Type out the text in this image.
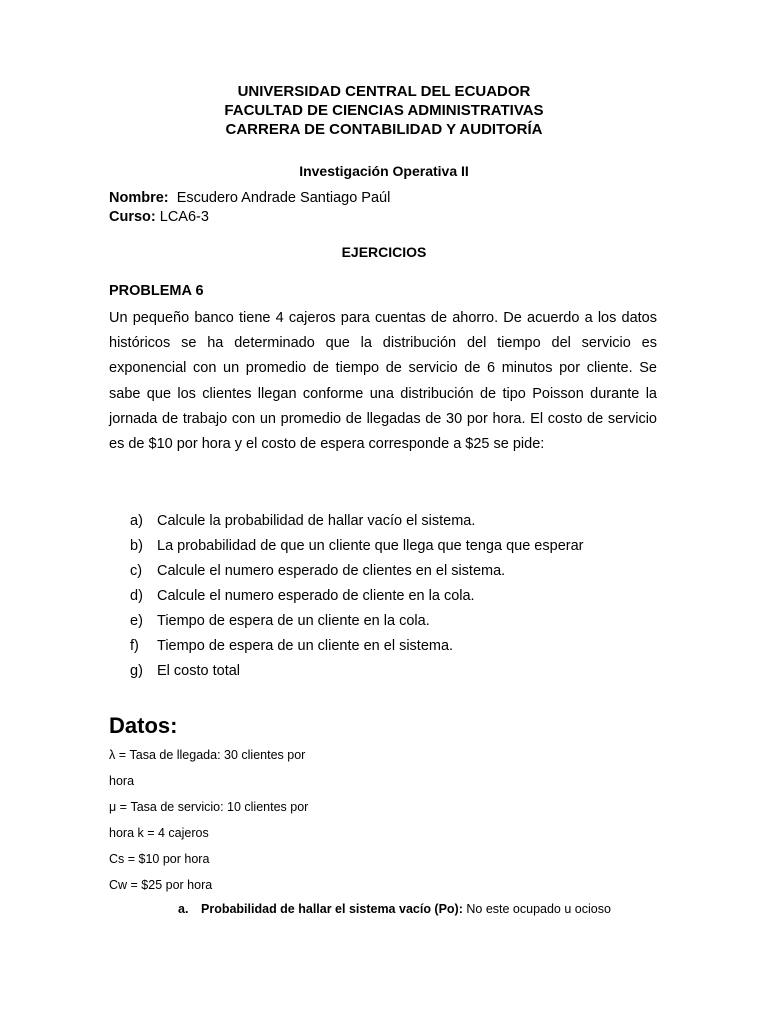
UNIVERSIDAD CENTRAL DEL ECUADOR
FACULTAD DE CIENCIAS ADMINISTRATIVAS
CARRERA DE CONTABILIDAD Y AUDITORÍA
Investigación Operativa II
Nombre: Escudero Andrade Santiago Paúl
Curso: LCA6-3
EJERCICIOS
PROBLEMA 6
Un pequeño banco tiene 4 cajeros para cuentas de ahorro. De acuerdo a los datos históricos se ha determinado que la distribución del tiempo del servicio es exponencial con un promedio de tiempo de servicio de 6 minutos por cliente. Se sabe que los clientes llegan conforme una distribución de tipo Poisson durante la jornada de trabajo con un promedio de llegadas de 30 por hora. El costo de servicio es de $10 por hora y el costo de espera corresponde a $25 se pide:
a) Calcule la probabilidad de hallar vacío el sistema.
b) La probabilidad de que un cliente que llega que tenga que esperar
c)	Calcule el numero esperado de clientes en el sistema.
d) Calcule el numero esperado de cliente en la cola.
e) Tiempo de espera de un cliente en la cola.
f)	Tiempo de espera de un cliente en el sistema.
g) El costo total
Datos:
λ = Tasa de llegada: 30 clientes por
hora
μ = Tasa de servicio: 10 clientes por
hora k = 4 cajeros
Cs = $10 por hora
Cw = $25 por hora
a. Probabilidad de hallar el sistema vacío (Po): No este ocupado u ocioso
